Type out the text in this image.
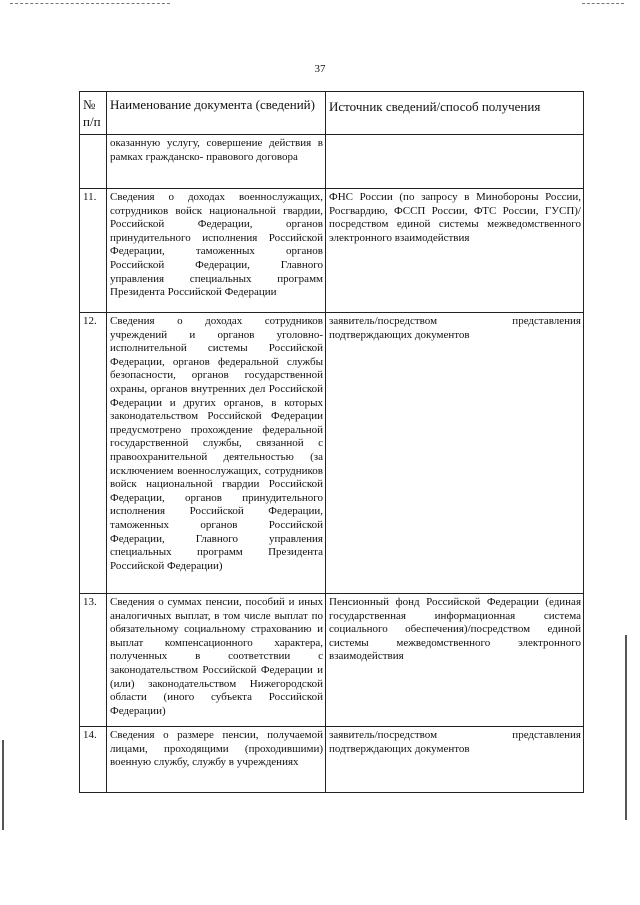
37
№ п/п	Наименование документа (сведений)	Источник сведений/способ получения
	оказанную услугу, совершение действия в рамках гражданско- правового договора	
11.	Сведения о доходах военнослужащих, сотрудников войск национальной гвардии, Российской Федерации, органов принудительного исполнения Российской Федерации, таможенных органов Российской Федерации, Главного управления специальных программ Президента Российской Федерации	ФНС России (по запросу в Минобороны России, Росгвардию, ФССП России, ФТС России, ГУСП)/посредством единой системы межведомственного электронного взаимодействия
12.	Сведения о доходах сотрудников учреждений и органов уголовно-исполнительной системы Российской Федерации, органов федеральной службы безопасности, органов государственной охраны, органов внутренних дел Российской Федерации и других органов, в которых законодательством Российской Федерации предусмотрено прохождение федеральной государственной службы, связанной с правоохранительной деятельностью (за исключением военнослужащих, сотрудников войск национальной гвардии Российской Федерации, органов принудительного исполнения Российской Федерации, таможенных органов Российской Федерации, Главного управления специальных программ Президента Российской Федерации)	заявитель/посредством представления подтверждающих документов
13.	Сведения о суммах пенсии, пособий и иных аналогичных выплат, в том числе выплат по обязательному социальному страхованию и выплат компенсационного характера, полученных в соответствии с законодательством Российской Федерации и (или) законодательством Нижегородской области (иного субъекта Российской Федерации)	Пенсионный фонд Российской Федерации (единая государственная информационная система социального обеспечения)/посредством единой системы межведомственного электронного взаимодействия
14.	Сведения о размере пенсии, получаемой лицами, проходящими (проходившими) военную службу, службу в учреждениях	заявитель/посредством представления подтверждающих документов
